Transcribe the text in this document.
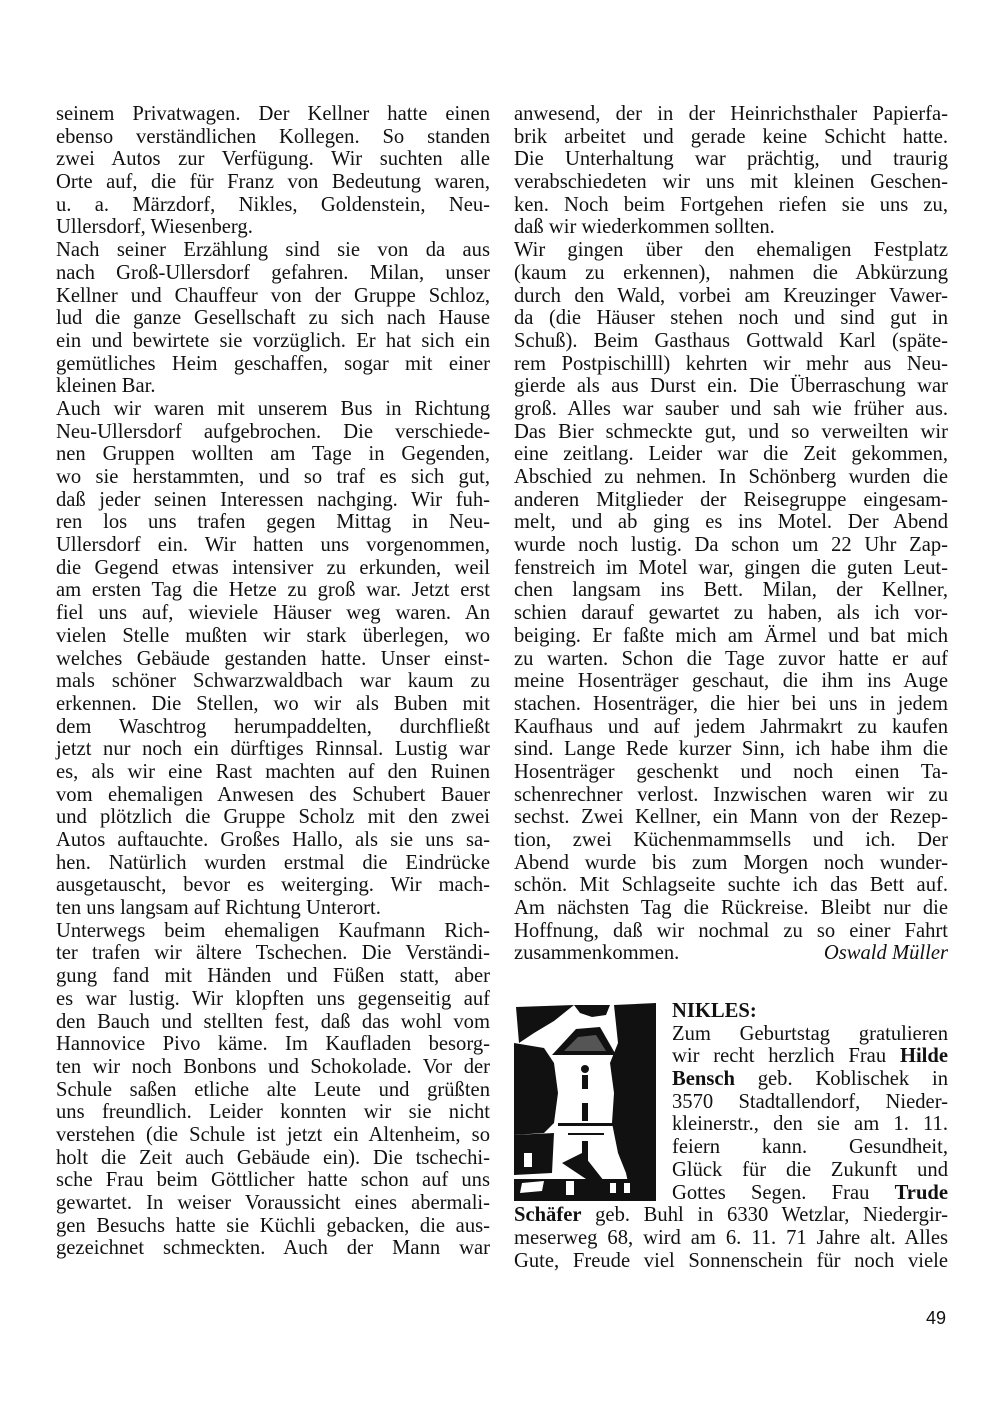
seinem Privatwagen. Der Kellner hatte einen
ebenso verständlichen Kollegen. So standen
zwei Autos zur Verfügung. Wir suchten alle
Orte auf, die für Franz von Bedeutung waren,
u. a. Märzdorf, Nikles, Goldenstein, Neu-
Ullersdorf, Wiesenberg.
Nach seiner Erzählung sind sie von da aus
nach Groß-Ullersdorf gefahren. Milan, unser
Kellner und Chauffeur von der Gruppe Schloz,
lud die ganze Gesellschaft zu sich nach Hause
ein und bewirtete sie vorzüglich. Er hat sich ein
gemütliches Heim geschaffen, sogar mit einer
kleinen Bar.
Auch wir waren mit unserem Bus in Richtung
Neu-Ullersdorf aufgebrochen. Die verschiede-
nen Gruppen wollten am Tage in Gegenden,
wo sie herstammten, und so traf es sich gut,
daß jeder seinen Interessen nachging. Wir fuh-
ren los uns trafen gegen Mittag in Neu-
Ullersdorf ein. Wir hatten uns vorgenommen,
die Gegend etwas intensiver zu erkunden, weil
am ersten Tag die Hetze zu groß war. Jetzt erst
fiel uns auf, wieviele Häuser weg waren. An
vielen Stelle mußten wir stark überlegen, wo
welches Gebäude gestanden hatte. Unser einst-
mals schöner Schwarzwaldbach war kaum zu
erkennen. Die Stellen, wo wir als Buben mit
dem Waschtrog herumpaddelten, durchfließt
jetzt nur noch ein dürftiges Rinnsal. Lustig war
es, als wir eine Rast machten auf den Ruinen
vom ehemaligen Anwesen des Schubert Bauer
und plötzlich die Gruppe Scholz mit den zwei
Autos auftauchte. Großes Hallo, als sie uns sa-
hen. Natürlich wurden erstmal die Eindrücke
ausgetauscht, bevor es weiterging. Wir mach-
ten uns langsam auf Richtung Unterort.
Unterwegs beim ehemaligen Kaufmann Rich-
ter trafen wir ältere Tschechen. Die Verständi-
gung fand mit Händen und Füßen statt, aber
es war lustig. Wir klopften uns gegenseitig auf
den Bauch und stellten fest, daß das wohl vom
Hannovice Pivo käme. Im Kaufladen besorg-
ten wir noch Bonbons und Schokolade. Vor der
Schule saßen etliche alte Leute und grüßten
uns freundlich. Leider konnten wir sie nicht
verstehen (die Schule ist jetzt ein Altenheim, so
holt die Zeit auch Gebäude ein). Die tschechi-
sche Frau beim Göttlicher hatte schon auf uns
gewartet. In weiser Voraussicht eines abermali-
gen Besuchs hatte sie Küchli gebacken, die aus-
gezeichnet schmeckten. Auch der Mann war
anwesend, der in der Heinrichsthaler Papierfa-
brik arbeitet und gerade keine Schicht hatte.
Die Unterhaltung war prächtig, und traurig
verabschiedeten wir uns mit kleinen Geschen-
ken. Noch beim Fortgehen riefen sie uns zu,
daß wir wiederkommen sollten.
Wir gingen über den ehemaligen Festplatz
(kaum zu erkennen), nahmen die Abkürzung
durch den Wald, vorbei am Kreuzinger Vawer-
da (die Häuser stehen noch und sind gut in
Schuß). Beim Gasthaus Gottwald Karl (späte-
rem Postpischilll) kehrten wir mehr aus Neu-
gierde als aus Durst ein. Die Überraschung war
groß. Alles war sauber und sah wie früher aus.
Das Bier schmeckte gut, und so verweilten wir
eine zeitlang. Leider war die Zeit gekommen,
Abschied zu nehmen. In Schönberg wurden die
anderen Mitglieder der Reisegruppe eingesam-
melt, und ab ging es ins Motel. Der Abend
wurde noch lustig. Da schon um 22 Uhr Zap-
fenstreich im Motel war, gingen die guten Leut-
chen langsam ins Bett. Milan, der Kellner,
schien darauf gewartet zu haben, als ich vor-
beiging. Er faßte mich am Ärmel und bat mich
zu warten. Schon die Tage zuvor hatte er auf
meine Hosenträger geschaut, die ihm ins Auge
stachen. Hosenträger, die hier bei uns in jedem
Kaufhaus und auf jedem Jahrmakrt zu kaufen
sind. Lange Rede kurzer Sinn, ich habe ihm die
Hosenträger geschenkt und noch einen Ta-
schenrechner verlost. Inzwischen waren wir zu
sechst. Zwei Kellner, ein Mann von der Rezep-
tion, zwei Küchenmammsells und ich. Der
Abend wurde bis zum Morgen noch wunder-
schön. Mit Schlagseite suchte ich das Bett auf.
Am nächsten Tag die Rückreise. Bleibt nur die
Hoffnung, daß wir nochmal zu so einer Fahrt
zusammenkommen.	Oswald Müller
NIKLES:
Zum Geburtstag gratulieren
wir recht herzlich Frau Hilde
Bensch geb. Koblischek in
3570 Stadtallendorf, Nieder-
kleinerstr., den sie am 1. 11.
feiern kann. Gesundheit,
Glück für die Zukunft und
Gottes Segen. Frau Trude
Schäfer geb. Buhl in 6330 Wetzlar, Niedergir-
meserweg 68, wird am 6. 11. 71 Jahre alt. Alles
Gute, Freude viel Sonnenschein für noch viele
49
